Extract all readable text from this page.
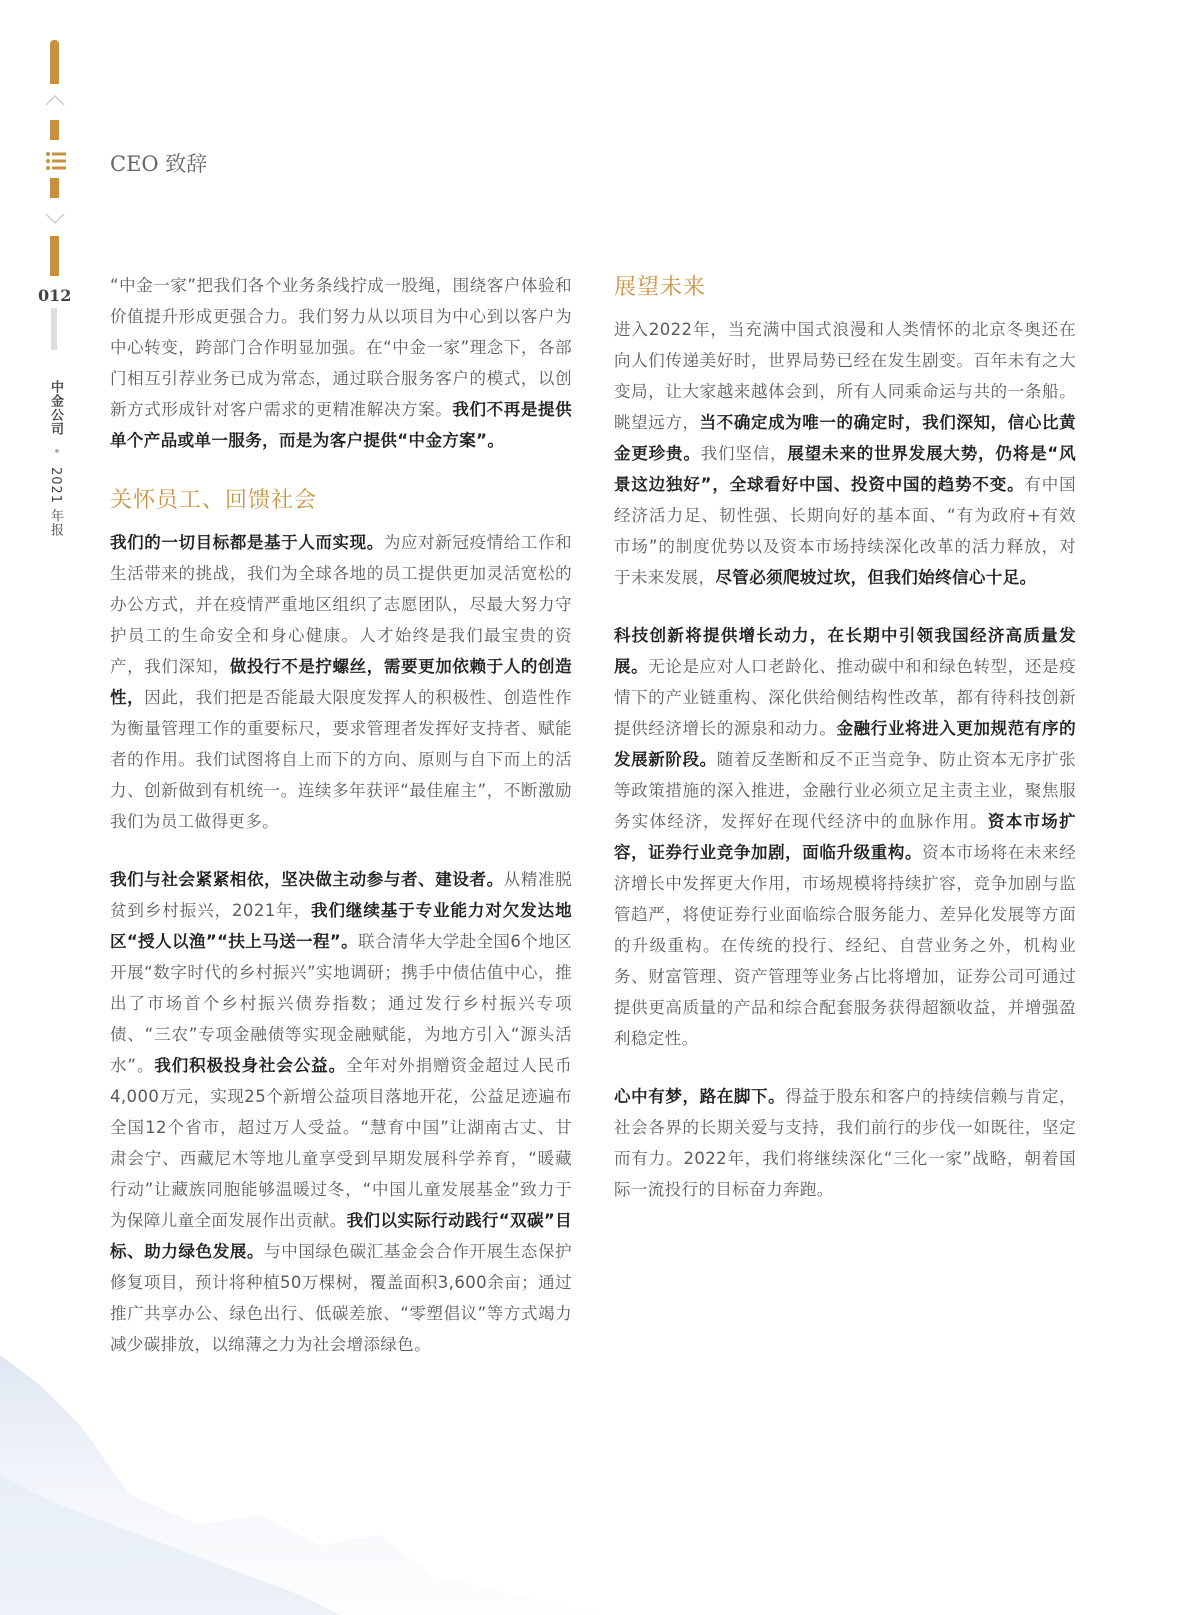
012
中金公司 • 2021 年报
CEO 致辞

“中金一家”把我们各个业务条线拧成一股绳，围绕客户体验和价值提升形成更强合力。我们努力从以项目为中心到以客户为中心转变，跨部门合作明显加强。在“中金一家”理念下，各部门相互引荐业务已成为常态，通过联合服务客户的模式，以创新方式形成针对客户需求的更精准解决方案。我们不再是提供单个产品或单一服务，而是为客户提供“中金方案”。

关怀员工、回馈社会

我们的一切目标都是基于人而实现。为应对新冠疫情给工作和生活带来的挑战，我们为全球各地的员工提供更加灵活宽松的办公方式，并在疫情严重地区组织了志愿团队，尽最大努力守护员工的生命安全和身心健康。人才始终是我们最宝贵的资产，我们深知，做投行不是拧螺丝，需要更加依赖于人的创造性，因此，我们把是否能最大限度发挥人的积极性、创造性作为衡量管理工作的重要标尺，要求管理者发挥好支持者、赋能者的作用。我们试图将自上而下的方向、原则与自下而上的活力、创新做到有机统一。连续多年获评“最佳雇主”，不断激励我们为员工做得更多。

我们与社会紧紧相依，坚决做主动参与者、建设者。从精准脱贫到乡村振兴，2021年，我们继续基于专业能力对欠发达地区“授人以渔”“扶上马送一程”。联合清华大学赴全国6个地区开展“数字时代的乡村振兴”实地调研；携手中债估值中心，推出了市场首个乡村振兴债券指数；通过发行乡村振兴专项债、“三农”专项金融债等实现金融赋能，为地方引入“源头活水”。我们积极投身社会公益。全年对外捐赠资金超过人民币4,000万元，实现25个新增公益项目落地开花，公益足迹遍布全国12个省市，超过万人受益。“慧育中国”让湖南古丈、甘肃会宁、西藏尼木等地儿童享受到早期发展科学养育，“暖藏行动”让藏族同胞能够温暖过冬，“中国儿童发展基金”致力于为保障儿童全面发展作出贡献。我们以实际行动践行“双碳”目标、助力绿色发展。与中国绿色碳汇基金会合作开展生态保护修复项目，预计将种植50万棵树，覆盖面积3,600余亩；通过推广共享办公、绿色出行、低碳差旅、“零塑倡议”等方式竭力减少碳排放，以绵薄之力为社会增添绿色。

展望未来

进入2022年，当充满中国式浪漫和人类情怀的北京冬奥还在向人们传递美好时，世界局势已经在发生剧变。百年未有之大变局，让大家越来越体会到，所有人同乘命运与共的一条船。眺望远方，当不确定成为唯一的确定时，我们深知，信心比黄金更珍贵。我们坚信，展望未来的世界发展大势，仍将是“风景这边独好”，全球看好中国、投资中国的趋势不变。有中国经济活力足、韧性强、长期向好的基本面、“有为政府+有效市场”的制度优势以及资本市场持续深化改革的活力释放，对于未来发展，尽管必须爬坡过坎，但我们始终信心十足。

科技创新将提供增长动力，在长期中引领我国经济高质量发展。无论是应对人口老龄化、推动碳中和和绿色转型，还是疫情下的产业链重构、深化供给侧结构性改革，都有待科技创新提供经济增长的源泉和动力。金融行业将进入更加规范有序的发展新阶段。随着反垄断和反不正当竞争、防止资本无序扩张等政策措施的深入推进，金融行业必须立足主责主业，聚焦服务实体经济，发挥好在现代经济中的血脉作用。资本市场扩容，证券行业竞争加剧，面临升级重构。资本市场将在未来经济增长中发挥更大作用，市场规模将持续扩容，竞争加剧与监管趋严，将使证券行业面临综合服务能力、差异化发展等方面的升级重构。在传统的投行、经纪、自营业务之外，机构业务、财富管理、资产管理等业务占比将增加，证券公司可通过提供更高质量的产品和综合配套服务获得超额收益，并增强盈利稳定性。

心中有梦，路在脚下。得益于股东和客户的持续信赖与肯定，社会各界的长期关爱与支持，我们前行的步伐一如既往，坚定而有力。2022年，我们将继续深化“三化一家”战略，朝着国际一流投行的目标奋力奔跑。
